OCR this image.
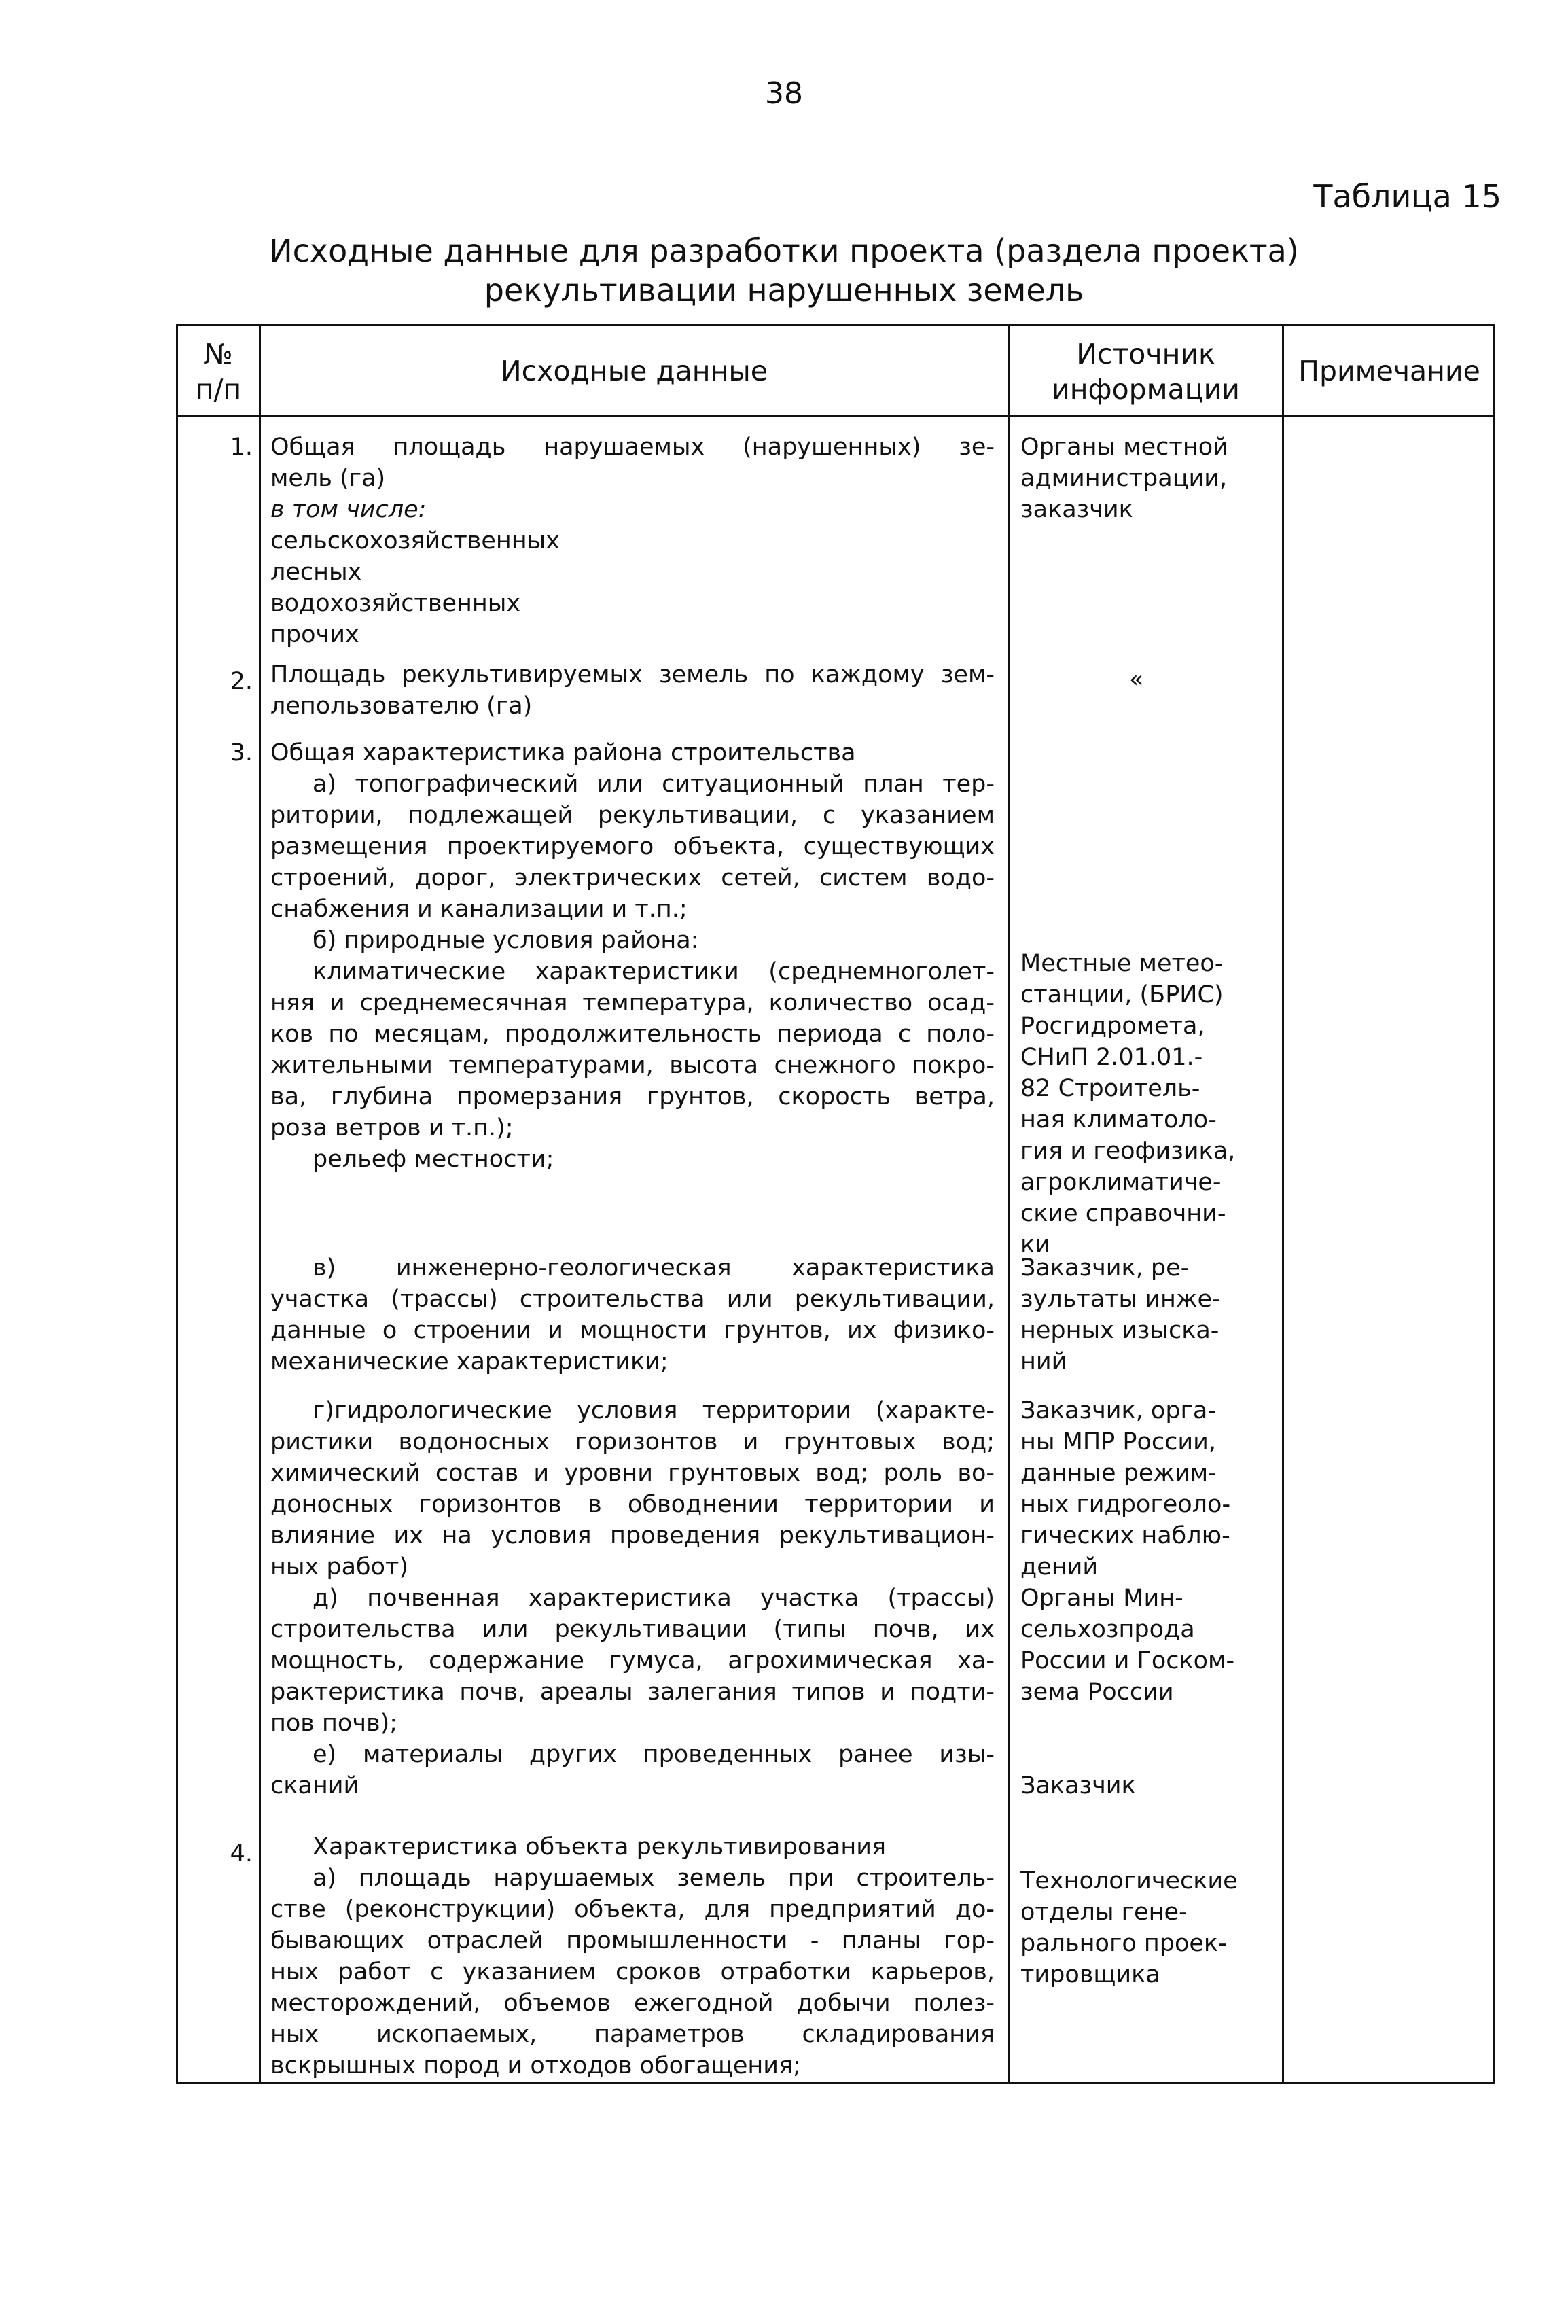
38
Таблица 15
Исходные данные для разработки проекта (раздела проекта)
рекультивации нарушенных земель
№
п/п
Исходные данные
Источник
информации
Примечание
1. Общая площадь нарушаемых (нарушенных) зе-
мель (га)
в том числе:
сельскохозяйственных
лесных
водохозяйственных
прочих
Органы местной
администрации,
заказчик
2. Площадь рекультивируемых земель по каждому зем-
лепользователю (га)
«
3. Общая характеристика района строительства
а) топографический или ситуационный план тер-
ритории, подлежащей рекультивации, с указанием
размещения проектируемого объекта, существующих
строений, дорог, электрических сетей, систем водо-
снабжения и канализации и т.п.;
б) природные условия района:
климатические характеристики (среднемноголет-
няя и среднемесячная температура, количество осад-
ков по месяцам, продолжительность периода с поло-
жительными температурами, высота снежного покро-
ва, глубина промерзания грунтов, скорость ветра,
роза ветров и т.п.);
рельеф местности;
в) инженерно-геологическая характеристика
участка (трассы) строительства или рекультивации,
данные о строении и мощности грунтов, их физико-
механические характеристики;
г)гидрологические условия территории (характе-
ристики водоносных горизонтов и грунтовых вод;
химический состав и уровни грунтовых вод; роль во-
доносных горизонтов в обводнении территории и
влияние их на условия проведения рекультивацион-
ных работ)
д) почвенная характеристика участка (трассы)
строительства или рекультивации (типы почв, их
мощность, содержание гумуса, агрохимическая ха-
рактеристика почв, ареалы залегания типов и подти-
пов почв);
е) материалы других проведенных ранее изы-
сканий
Местные метео-
станции, (БРИС)
Росгидромета,
СНиП 2.01.01.-
82 Строитель-
ная климатоло-
гия и геофизика,
агроклиматиче-
ские справочни-
ки
Заказчик, ре-
зультаты инже-
нерных изыска-
ний
Заказчик, орга-
ны МПР России,
данные режим-
ных гидрогеоло-
гических наблю-
дений
Органы Мин-
сельхозпрода
России и Госком-
зема России
Заказчик
4.	Характеристика объекта рекультивирования
а) площадь нарушаемых земель при строитель-
стве (реконструкции) объекта, для предприятий до-
бывающих отраслей промышленности - планы гор-
ных работ с указанием сроков отработки карьеров,
месторождений, объемов ежегодной добычи полез-
ных ископаемых, параметров складирования
вскрышных пород и отходов обогащения;
Технологические
отделы гене-
рального проек-
тировщика
